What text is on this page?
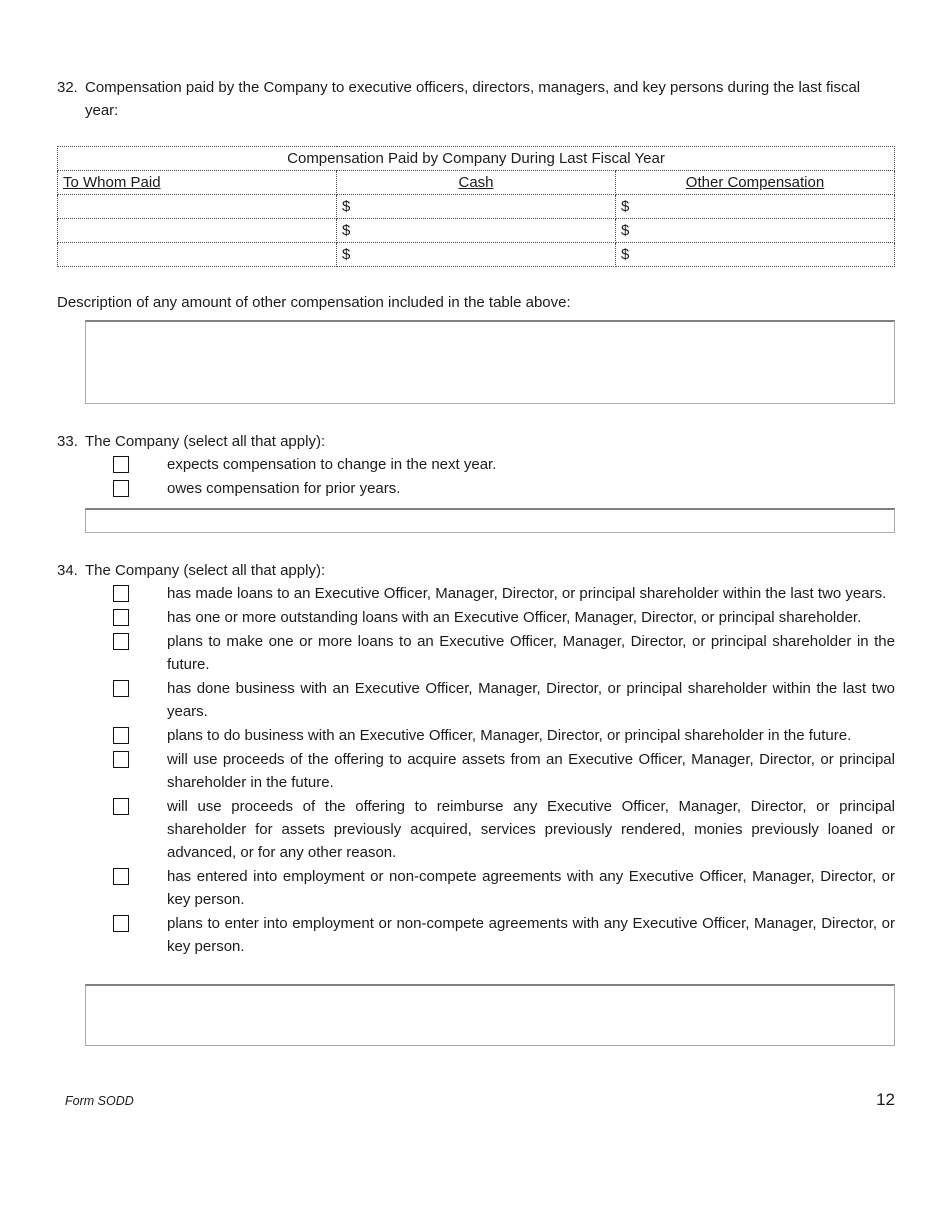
32. Compensation paid by the Company to executive officers, directors, managers, and key persons during the last fiscal year:
Compensation Paid by Company During Last Fiscal Year		
To Whom Paid	Cash	Other Compensation
	$	$
	$	$
	$	$
Description of any amount of other compensation included in the table above:
33. The Company (select all that apply):
expects compensation to change in the next year.
owes compensation for prior years.
34. The Company (select all that apply):
has made loans to an Executive Officer, Manager, Director, or principal shareholder within the last two years.
has one or more outstanding loans with an Executive Officer, Manager, Director, or principal shareholder.
plans to make one or more loans to an Executive Officer, Manager, Director, or principal shareholder in the future.
has done business with an Executive Officer, Manager, Director, or principal shareholder within the last two years.
plans to do business with an Executive Officer, Manager, Director, or principal shareholder in the future.
will use proceeds of the offering to acquire assets from an Executive Officer, Manager, Director, or principal shareholder in the future.
will use proceeds of the offering to reimburse any Executive Officer, Manager, Director, or principal shareholder for assets previously acquired, services previously rendered, monies previously loaned or advanced, or for any other reason.
has entered into employment or non-compete agreements with any Executive Officer, Manager, Director, or key person.
plans to enter into employment or non-compete agreements with any Executive Officer, Manager, Director, or key person.
Form SODD	12
